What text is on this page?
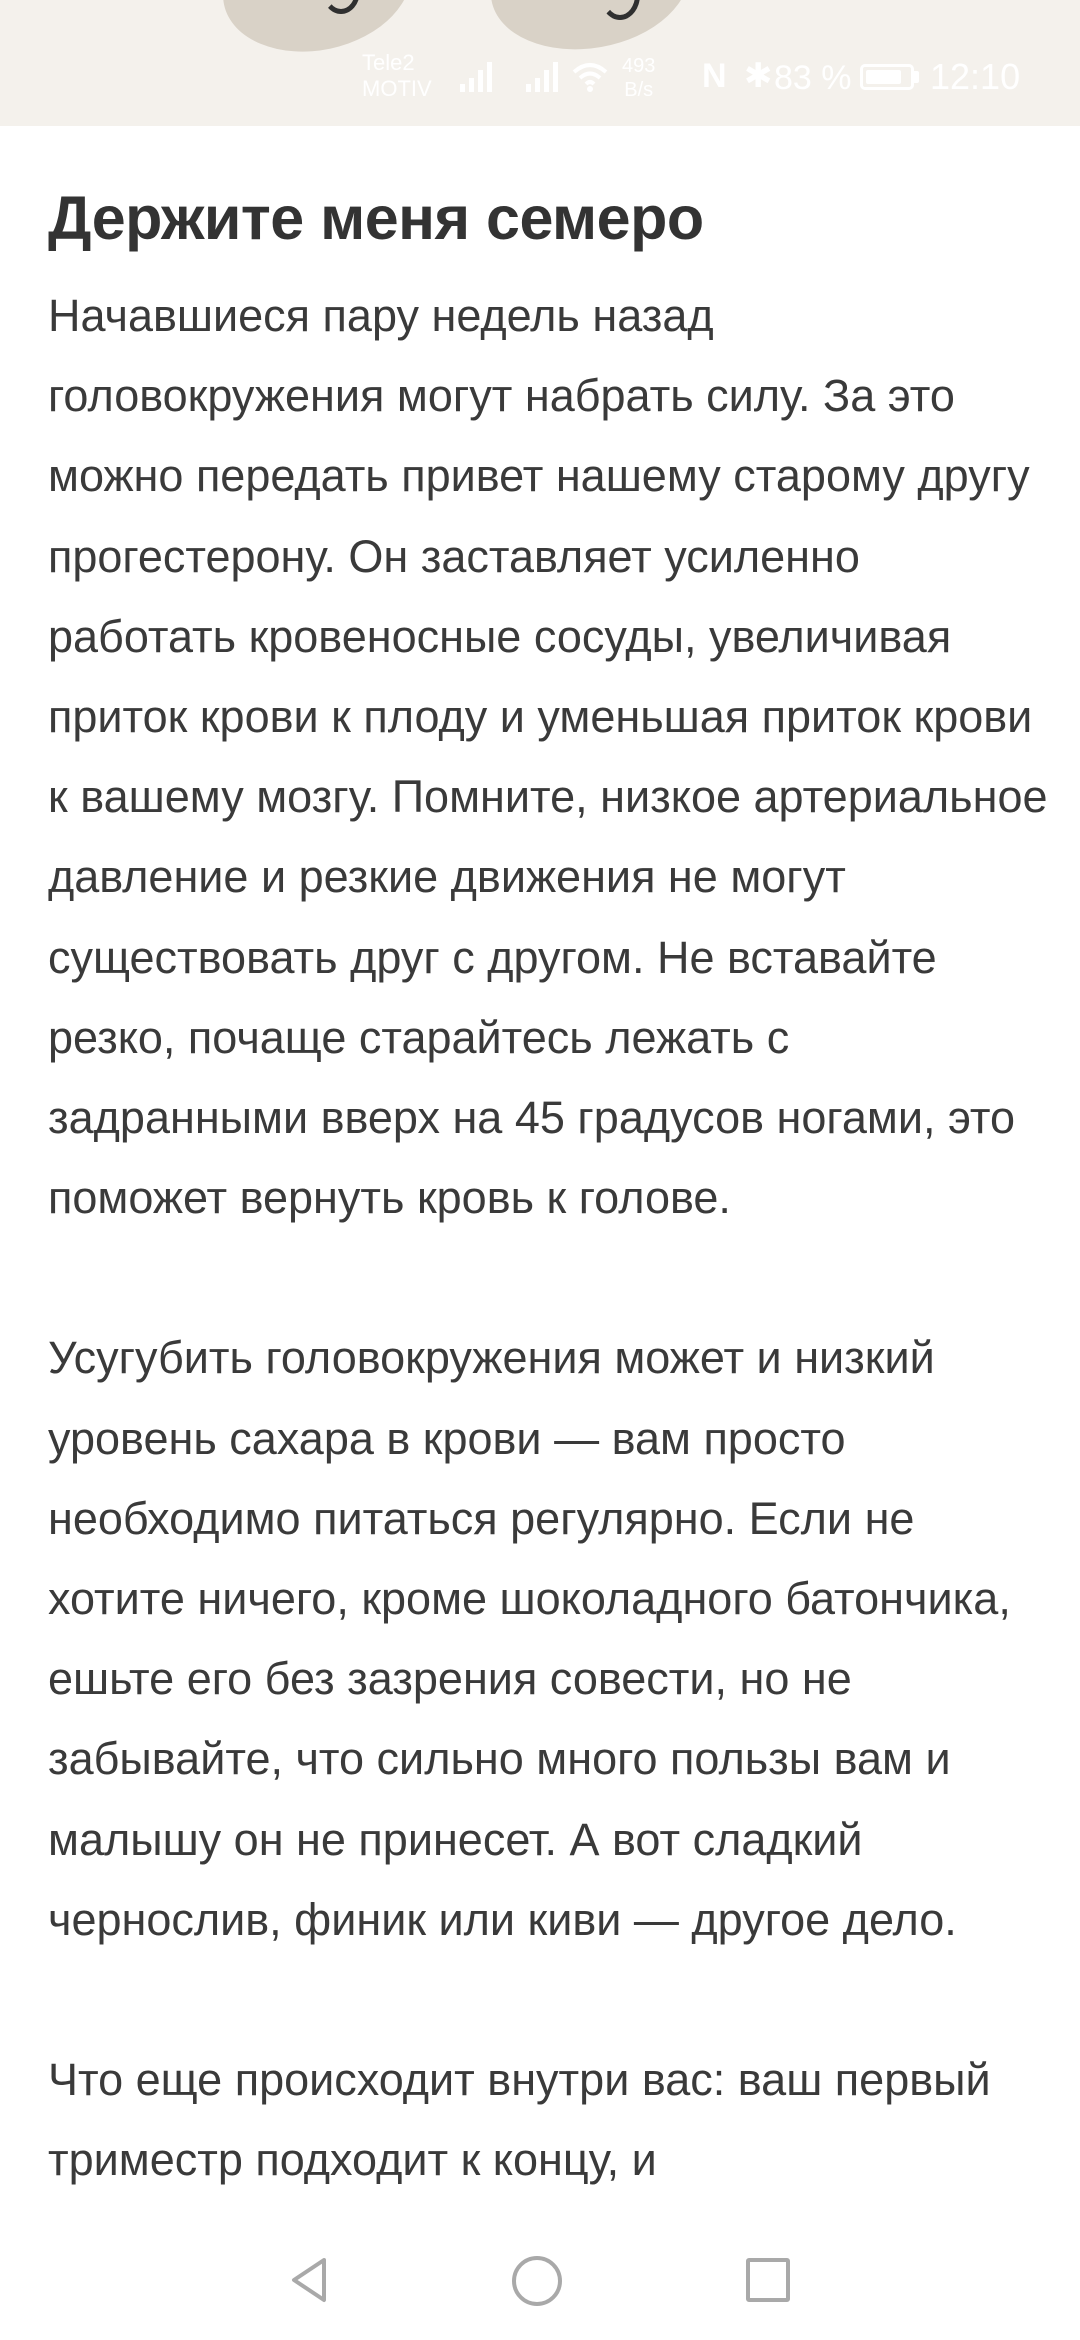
Tele2
MOTIV
493
B/s N ✱ 83 % 12:10
Держите меня семеро

Начавшиеся пару недель назад головокружения могут набрать силу. За это можно передать привет нашему старому другу прогестерону. Он заставляет усиленно работать кровеносные сосуды, увеличивая приток крови к плоду и уменьшая приток крови к вашему мозгу. Помните, низкое артериальное давление и резкие движения не могут существовать друг с другом. Не вставайте резко, почаще старайтесь лежать с задранными вверх на 45 градусов ногами, это поможет вернуть кровь к голове.

Усугубить головокружения может и низкий уровень сахара в крови — вам просто необходимо питаться регулярно. Если не хотите ничего, кроме шоколадного батончика, ешьте его без зазрения совести, но не забывайте, что сильно много пользы вам и малышу он не принесет. А вот сладкий чернослив, финик или киви — другое дело.

Что еще происходит внутри вас: ваш первый триместр подходит к концу, и
